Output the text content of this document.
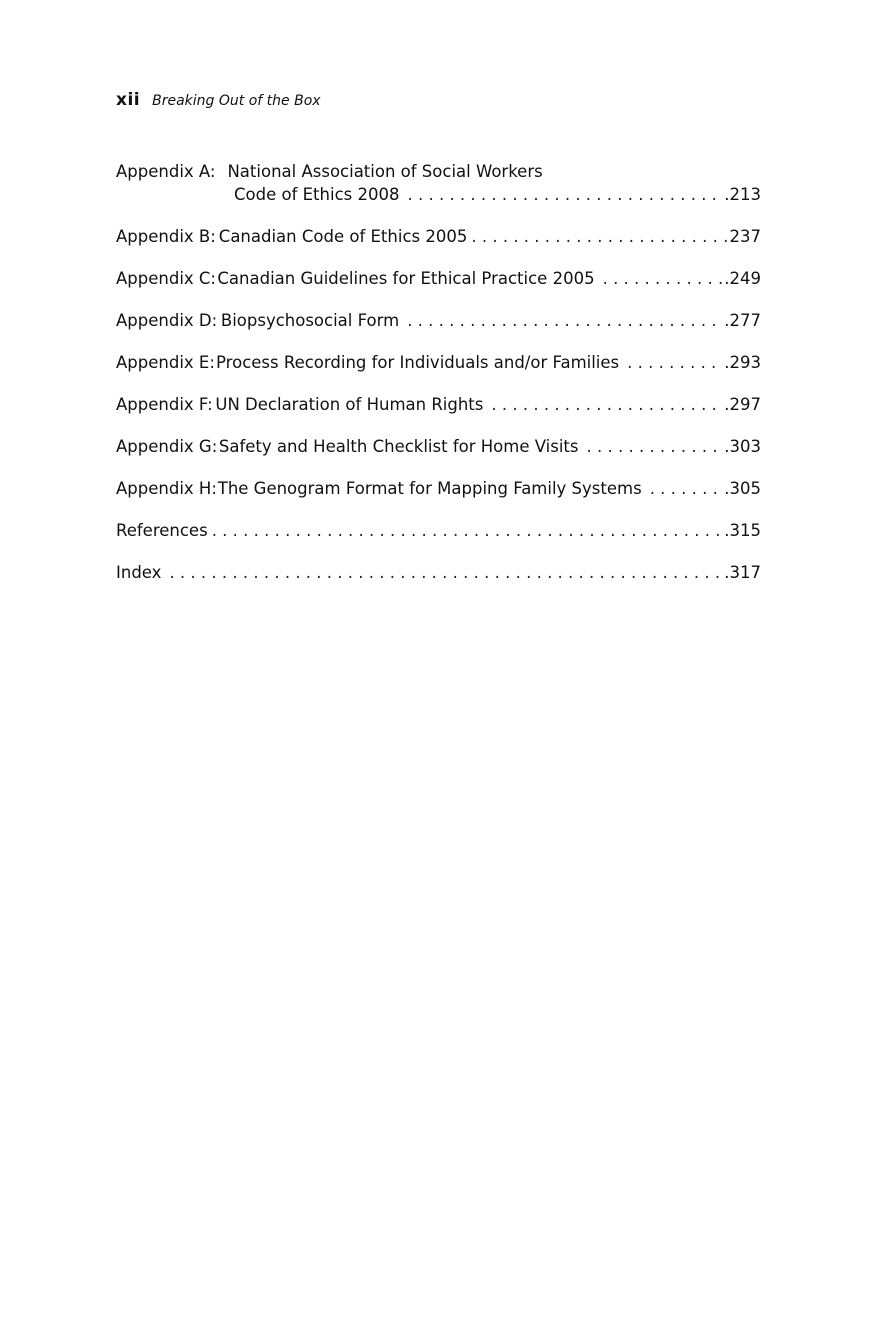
xii Breaking Out of the Box
Appendix A: National Association of Social Workers
Code of Ethics 2008 . . .	.213
Appendix B: Canadian Code of Ethics 2005 . . .	237
Appendix C: Canadian Guidelines for Ethical Practice 2005 . . .	.249
Appendix D: Biopsychosocial Form . . .	.277
Appendix E: Process Recording for Individuals and/or Families . . .	.293
Appendix F: UN Declaration of Human Rights . . .	.297
Appendix G: Safety and Health Checklist for Home Visits . . .	.303
Appendix H: The Genogram Format for Mapping Family Systems . . .	.305
References . . .	.315
Index . . .	.317
